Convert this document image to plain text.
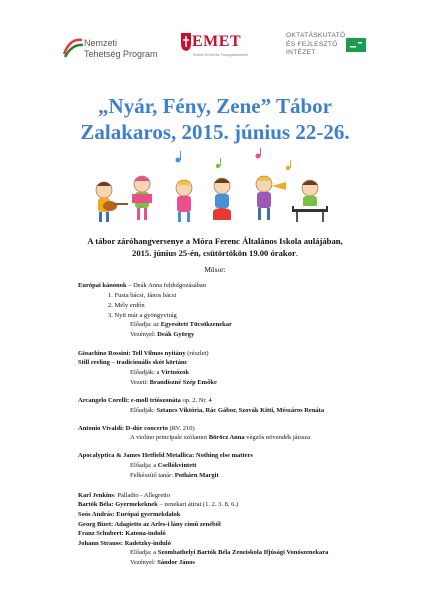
Nemzeti
Tehetség Program
EMET
Emberi Erőforrás Támogatáskezelő
OKTATÁSKUTATÓ
ÉS FEJLESZTŐ
INTÉZET
„Nyár, Fény, Zene” Tábor
Zalakaros, 2015. június 22-26.
A tábor záróhangversenye a Móra Ferenc Általános Iskola aulájában,
2015. június 25-én, csütörtökön 19.00 órakor.
Műsor:
Európai kánonok – Deák Anna feldolgozásában
1. Fusta bácsi, János bácsi
2. Mély erdőn
3. Nyit már a gyöngyvirág
Előadja: az Egyesített Tücsökzenekar
Vezényel: Deák György
Gioachino Rossini: Tell Vilmos nyitány (részlet)
Still reeling – tradicionális skót körtánc
Előadják: a Virtuózok
Vezeti: Brandiszné Szép Emőke
Arcangelo Corelli: e-moll triószonáta op. 2. Nr. 4
Előadják: Sztancs Viktória, Rác Gábor, Szovák Kitti, Mészáros Renáta
Antonio Vivaldi: D-dúr concerto (RV. 210)
A violino principale szólamot Böröcz Anna végzős növendék játssza
Apocalyptica & James Hetfield Metallica: Nothing else matters
Előadja: a Csellókvintett
Felkészítő tanár: Pothárn Margit
Karl Jenkins: Palladio - Allegretto
Bartók Béla: Gyermekeknek – zenekari átirat (1. 2. 3. 8. 6.)
Soós András: Európai gyermekdalok
Georg Bizet: Adagietto az Arles-i lány című zenéből
Franz Schubert: Katona-induló
Johann Strauss: Radetzky-induló
Előadja: a Szombathelyi Bartók Béla Zeneiskola Ifjúsági Vonószenekara
Vezényel: Sándor János
